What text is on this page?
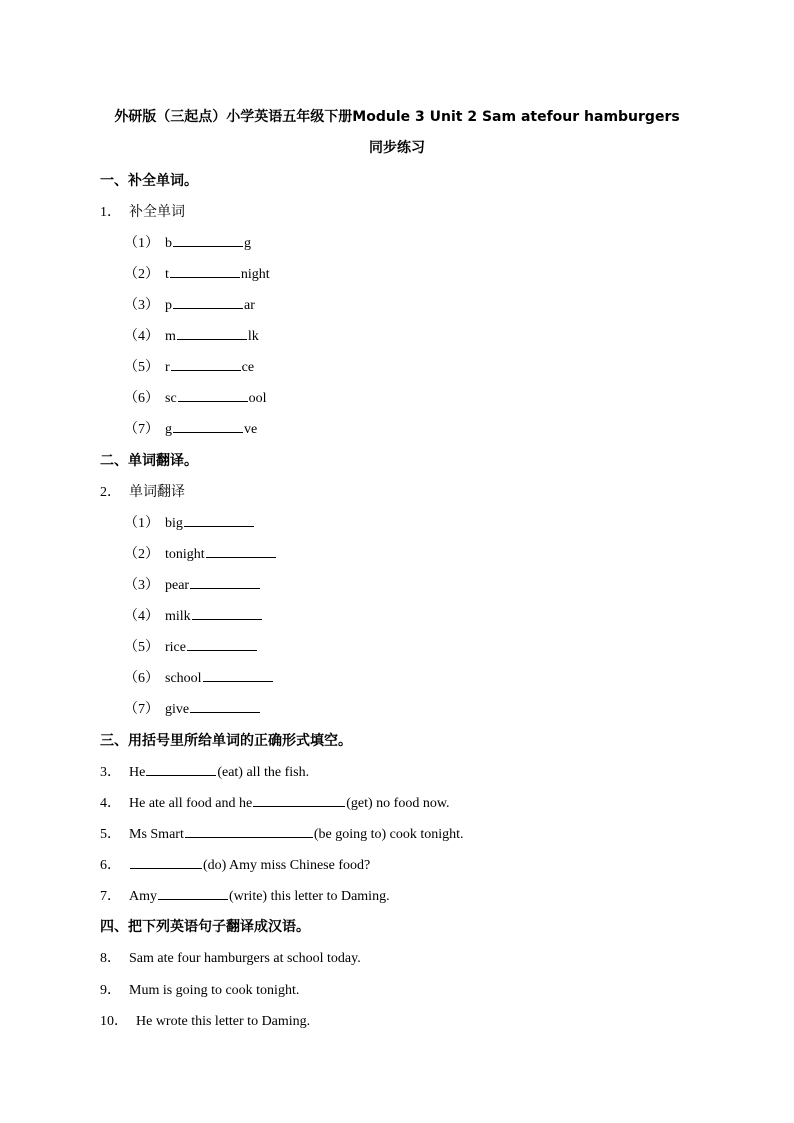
外研版（三起点）小学英语五年级下册Module 3 Unit 2 Sam atefour hamburgers
同步练习
一、补全单词。
1． 补全单词
（1） b	g
（2） t	night
（3） p	ar
（4） m	lk
（5） r	ce
（6） sc	ool
（7） g	ve
二、单词翻译。
2． 单词翻译
（1） big
（2） tonight
（3） pear
（4） milk
（5） rice
（6） school
（7） give
三、用括号里所给单词的正确形式填空。
3． He	(eat) all the fish.
4． He ate all food and he	(get) no food now.
5． Ms Smart	(be going to) cook tonight.
6．	(do) Amy miss Chinese food?
7． Amy	(write) this letter to Daming.
四、把下列英语句子翻译成汉语。
8． Sam ate four hamburgers at school today.
9． Mum is going to cook tonight.
10． He wrote this letter to Daming.
